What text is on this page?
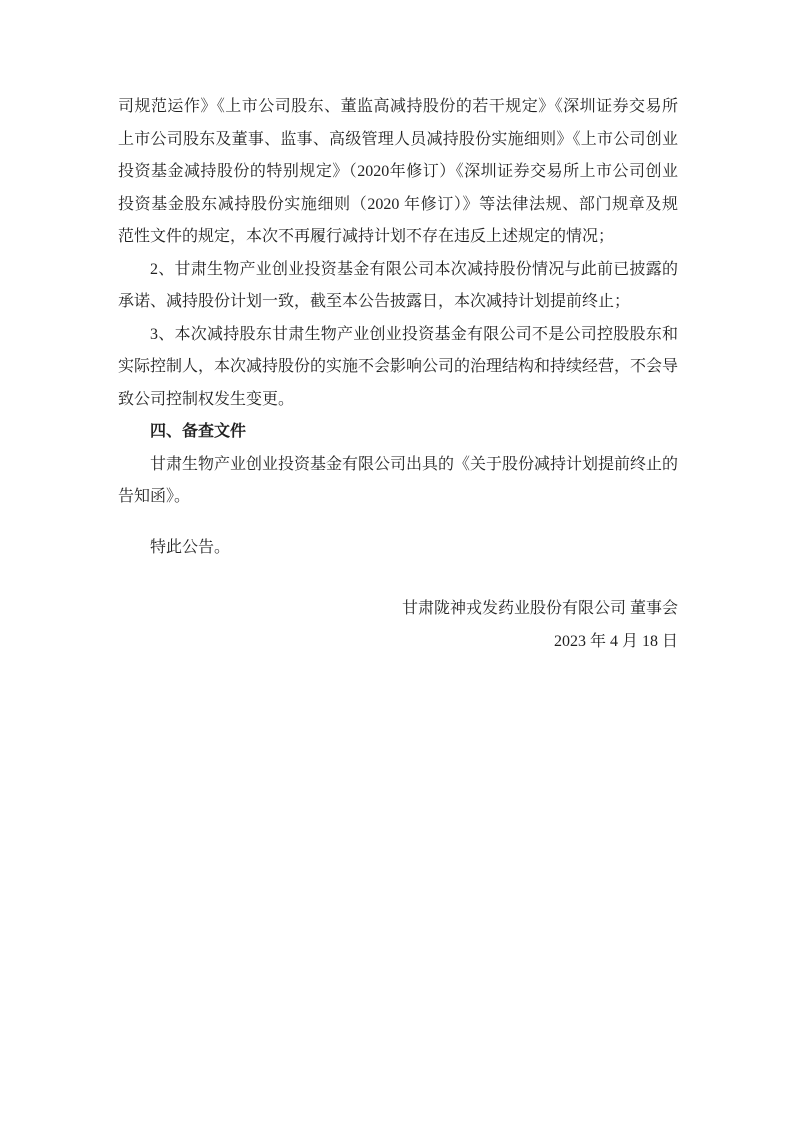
司规范运作》《上市公司股东、董监高减持股份的若干规定》《深圳证券交易所
上市公司股东及董事、监事、高级管理人员减持股份实施细则》《上市公司创业
投资基金减持股份的特别规定》（2020年修订）《深圳证券交易所上市公司创业
投资基金股东减持股份实施细则（2020 年修订）》等法律法规、部门规章及规
范性文件的规定，本次不再履行减持计划不存在违反上述规定的情况；
2、甘肃生物产业创业投资基金有限公司本次减持股份情况与此前已披露的
承诺、减持股份计划一致，截至本公告披露日，本次减持计划提前终止；
3、本次减持股东甘肃生物产业创业投资基金有限公司不是公司控股股东和
实际控制人，本次减持股份的实施不会影响公司的治理结构和持续经营，不会导
致公司控制权发生变更。
四、备查文件
甘肃生物产业创业投资基金有限公司出具的《关于股份减持计划提前终止的
告知函》。
特此公告。
甘肃陇神戎发药业股份有限公司 董事会
2023 年 4 月 18 日
